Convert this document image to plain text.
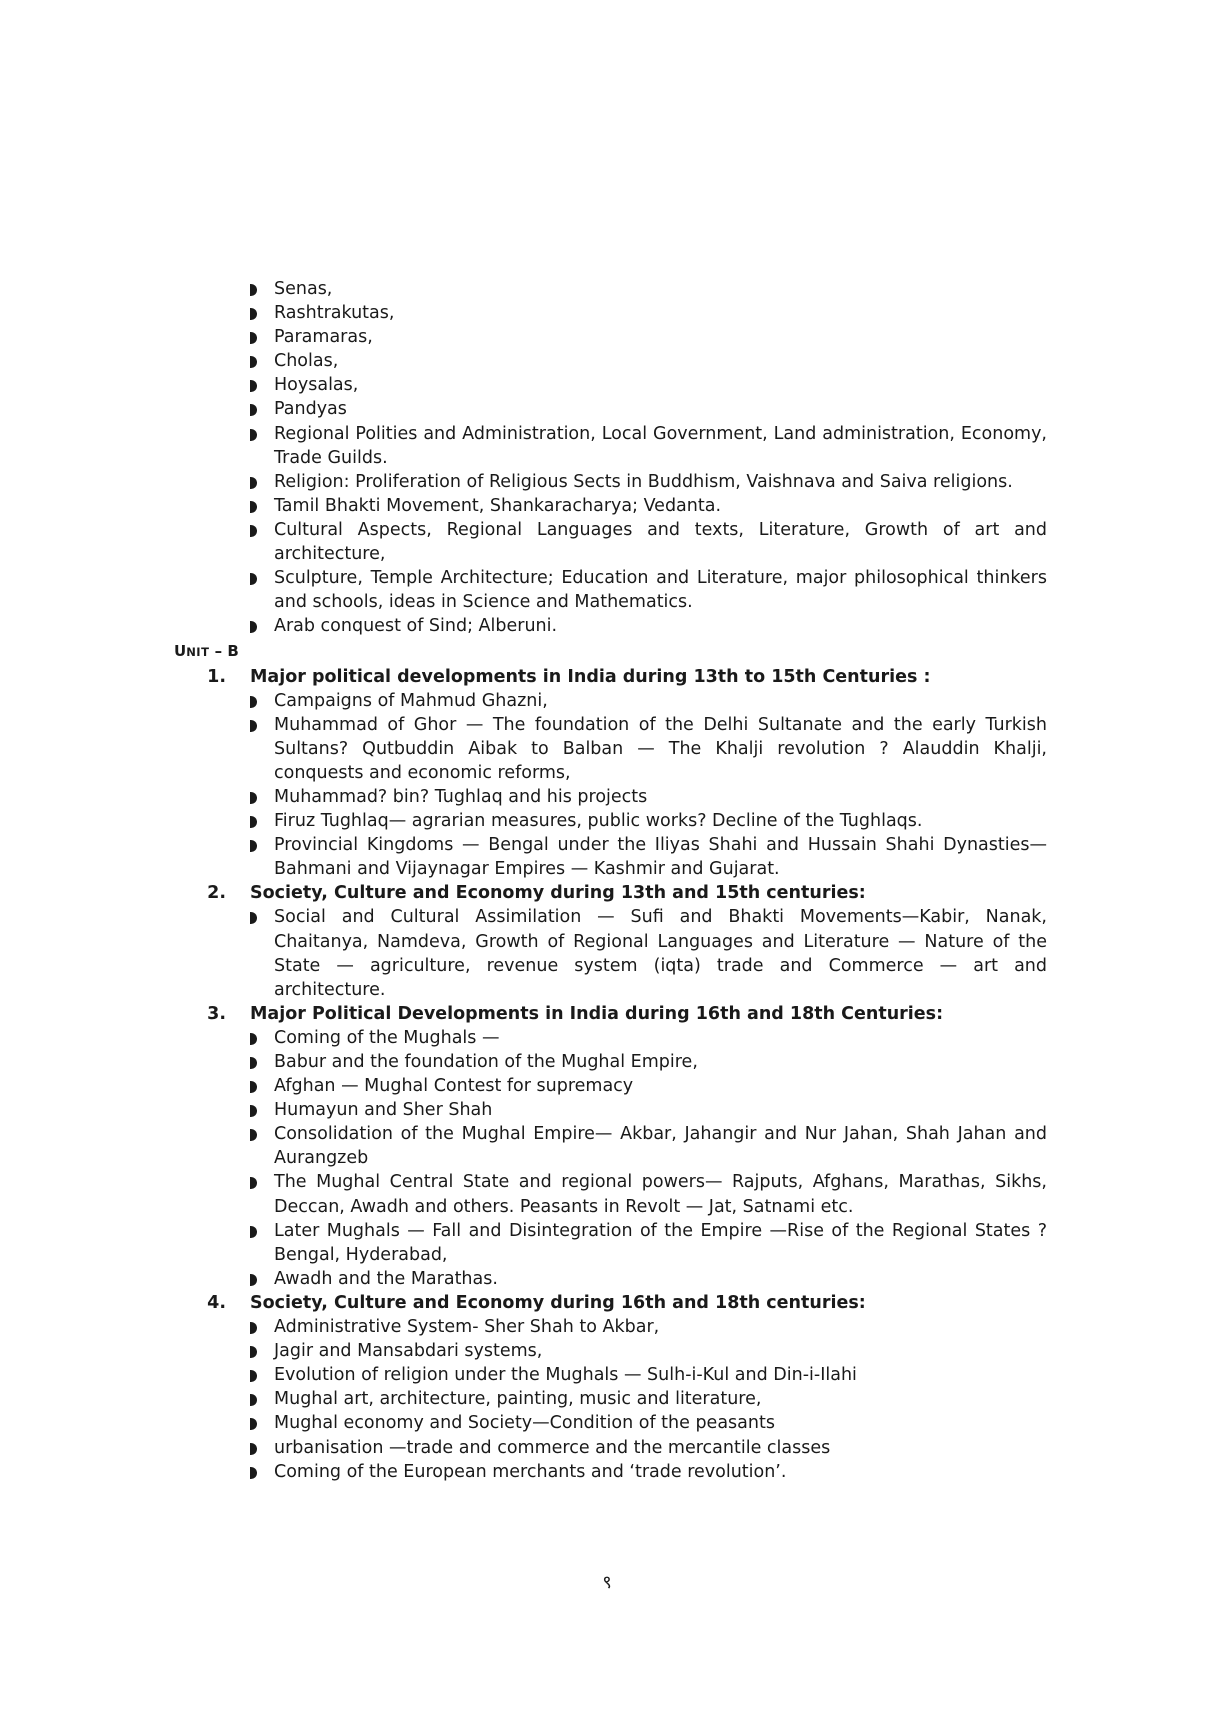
Senas,
Rashtrakutas,
Paramaras,
Cholas,
Hoysalas,
Pandyas
Regional Polities and Administration, Local Government, Land administration, Economy, Trade Guilds.
Religion: Proliferation of Religious Sects in Buddhism, Vaishnava and Saiva religions.
Tamil Bhakti Movement, Shankaracharya; Vedanta.
Cultural Aspects, Regional Languages and texts, Literature, Growth of art and architecture,
Sculpture, Temple Architecture; Education and Literature, major philosophical thinkers and schools, ideas in Science and Mathematics.
Arab conquest of Sind; Alberuni.
UNIT – B
1.	Major political developments in India during 13th to 15th Centuries :
Campaigns of Mahmud Ghazni,
Muhammad of Ghor — The foundation of the Delhi Sultanate and the early Turkish Sultans? Qutbuddin Aibak to Balban — The Khalji revolution ? Alauddin Khalji, conquests and economic reforms,
Muhammad? bin? Tughlaq and his projects
Firuz Tughlaq— agrarian measures, public works? Decline of the Tughlaqs.
Provincial Kingdoms — Bengal under the Iliyas Shahi and Hussain Shahi Dynasties—Bahmani and Vijaynagar Empires — Kashmir and Gujarat.
2.	Society, Culture and Economy during 13th and 15th centuries:
Social and Cultural Assimilation — Sufi and Bhakti Movements—Kabir, Nanak, Chaitanya, Namdeva, Growth of Regional Languages and Literature — Nature of the State — agriculture, revenue system (iqta) trade and Commerce — art and architecture.
3.	Major Political Developments in India during 16th and 18th Centuries:
Coming of the Mughals —
Babur and the foundation of the Mughal Empire,
Afghan — Mughal Contest for supremacy
Humayun and Sher Shah
Consolidation of the Mughal Empire— Akbar, Jahangir and Nur Jahan, Shah Jahan and Aurangzeb
The Mughal Central State and regional powers— Rajputs, Afghans, Marathas, Sikhs, Deccan, Awadh and others. Peasants in Revolt — Jat, Satnami etc.
Later Mughals — Fall and Disintegration of the Empire —Rise of the Regional States ? Bengal, Hyderabad,
Awadh and the Marathas.
4.	Society, Culture and Economy during 16th and 18th centuries:
Administrative System- Sher Shah to Akbar,
Jagir and Mansabdari systems,
Evolution of religion under the Mughals — Sulh-i-Kul and Din-i-Ilahi
Mughal art, architecture, painting, music and literature,
Mughal economy and Society—Condition of the peasants
urbanisation —trade and commerce and the mercantile classes
Coming of the European merchants and ‘trade revolution’.
९
